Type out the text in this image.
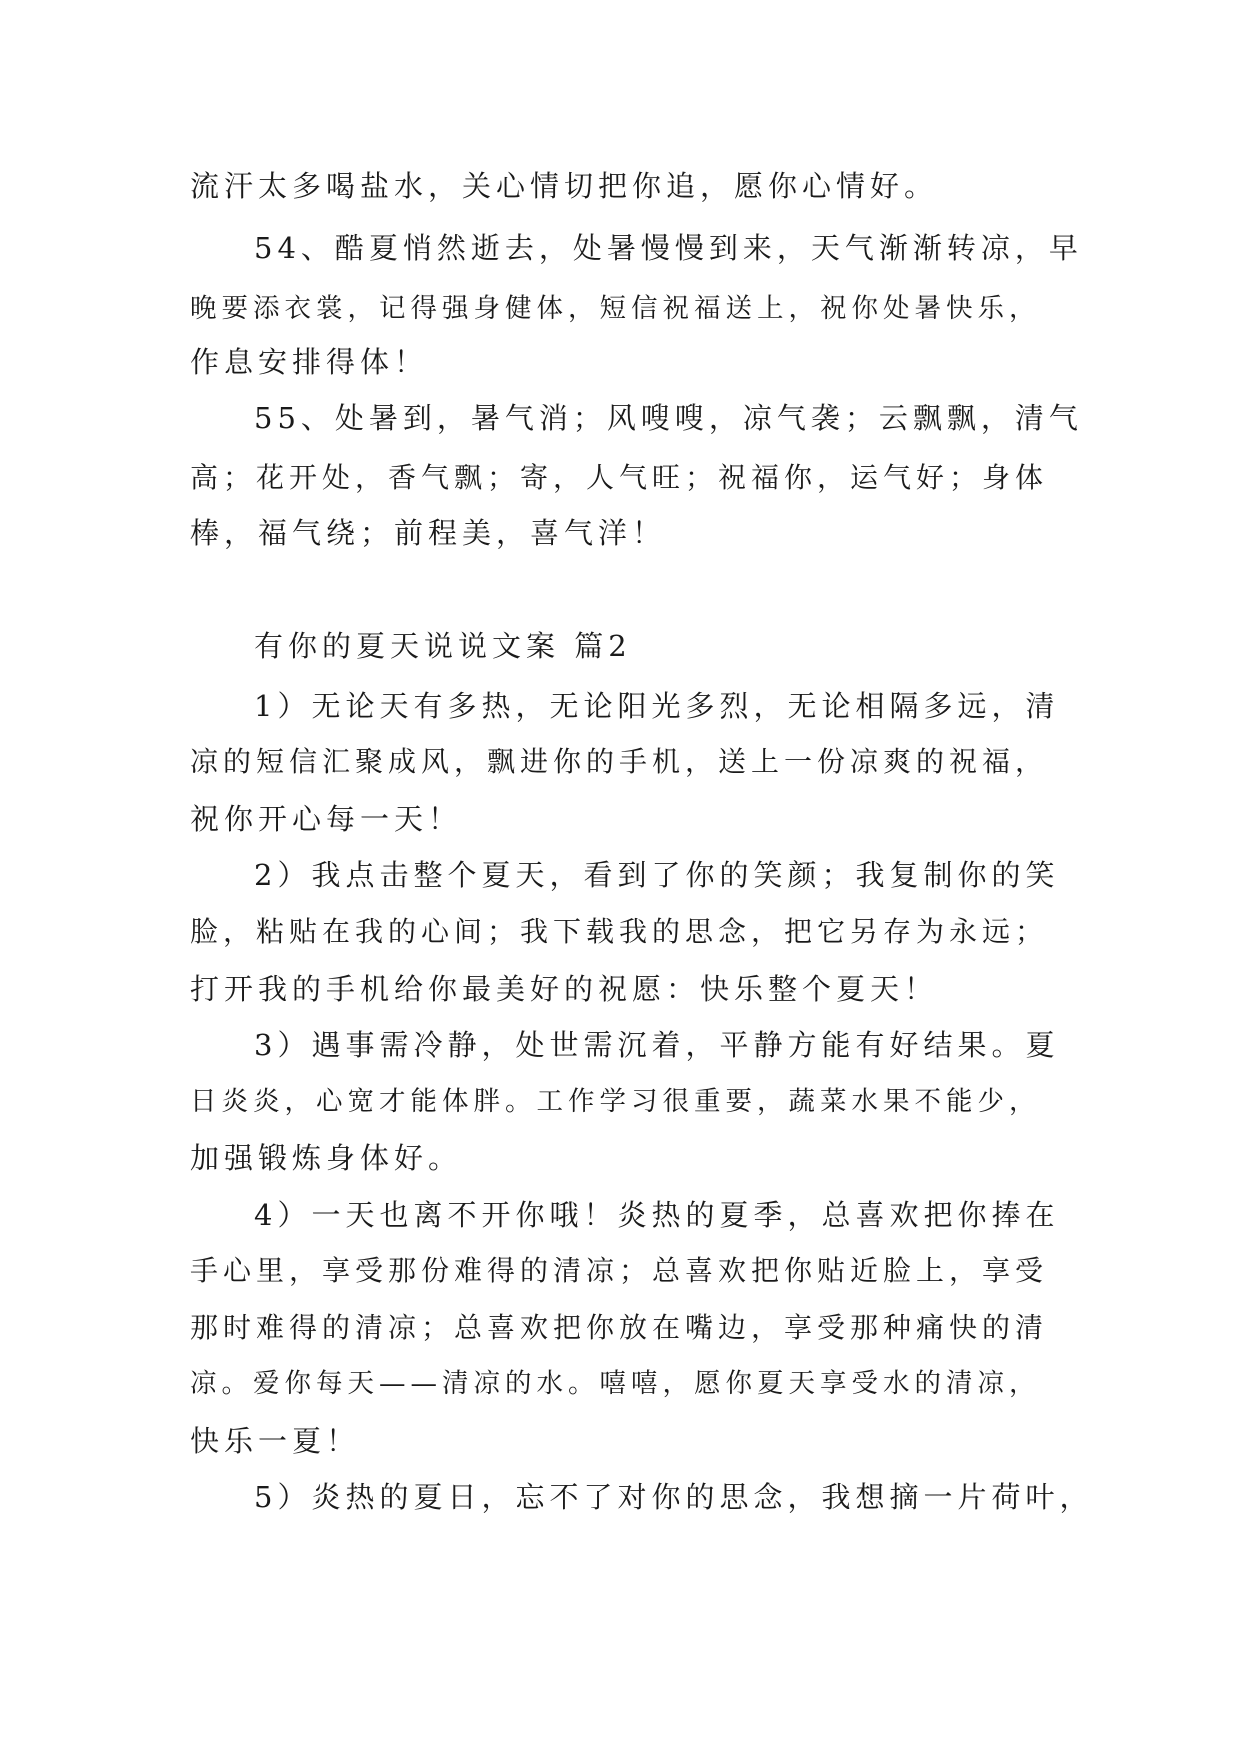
流汗太多喝盐水，关心情切把你追，愿你心情好。
54、酷夏悄然逝去，处暑慢慢到来，天气渐渐转凉，早
晚要添衣裳，记得强身健体，短信祝福送上，祝你处暑快乐，
作息安排得体！
55、处暑到，暑气消；风嗖嗖，凉气袭；云飘飘，清气
高；花开处，香气飘；寄，人气旺；祝福你，运气好；身体
棒，福气绕；前程美，喜气洋！
有你的夏天说说文案 篇2
1）无论天有多热，无论阳光多烈，无论相隔多远，清
凉的短信汇聚成风，飘进你的手机，送上一份凉爽的祝福，
祝你开心每一天！
2）我点击整个夏天，看到了你的笑颜；我复制你的笑
脸，粘贴在我的心间；我下载我的思念，把它另存为永远；
打开我的手机给你最美好的祝愿：快乐整个夏天！
3）遇事需冷静，处世需沉着，平静方能有好结果。夏
日炎炎，心宽才能体胖。工作学习很重要，蔬菜水果不能少，
加强锻炼身体好。
4）一天也离不开你哦！炎热的夏季，总喜欢把你捧在
手心里，享受那份难得的清凉；总喜欢把你贴近脸上，享受
那时难得的清凉；总喜欢把你放在嘴边，享受那种痛快的清
凉。爱你每天——清凉的水。嘻嘻，愿你夏天享受水的清凉，
快乐一夏！
5）炎热的夏日，忘不了对你的思念，我想摘一片荷叶，
